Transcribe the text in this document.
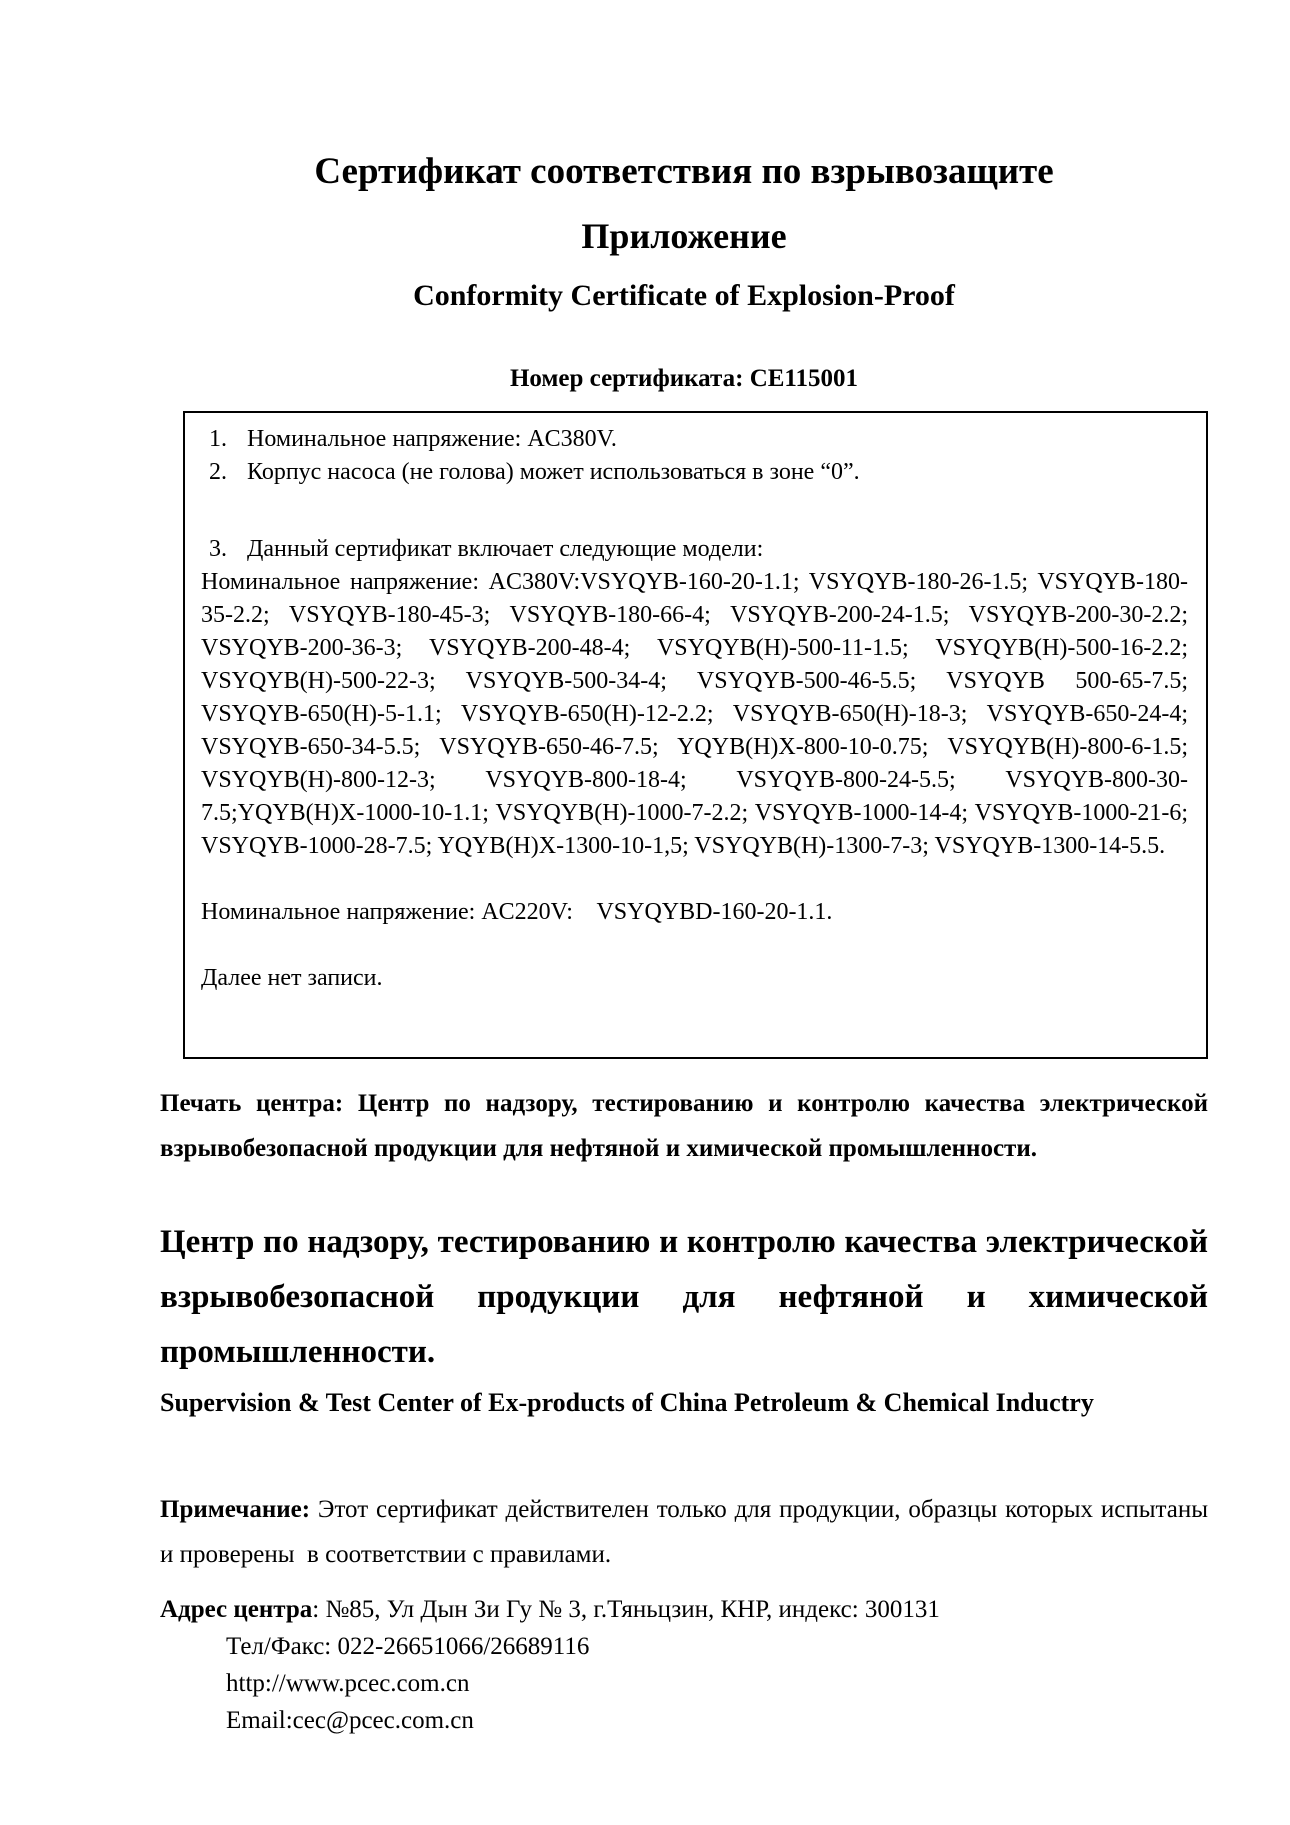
Сертификат соответствия по взрывозащите
Приложение
Conformity Certificate of Explosion-Proof

Номер сертификата: CE115001

1. Номинальное напряжение: AC380V.
2. Корпус насоса (не голова) может использоваться в зоне “0”.
3. Данный сертификат включает следующие модели:

Номинальное напряжение: AC380V:VSYQYB-160-20-1.1; VSYQYB-180-26-1.5; VSYQYB-180-35-2.2; VSYQYB-180-45-3; VSYQYB-180-66-4; VSYQYB-200-24-1.5; VSYQYB-200-30-2.2; VSYQYB-200-36-3; VSYQYB-200-48-4; VSYQYB(H)-500-11-1.5; VSYQYB(H)-500-16-2.2; VSYQYB(H)-500-22-3; VSYQYB-500-34-4; VSYQYB-500-46-5.5; VSYQYB 500-65-7.5; VSYQYB-650(H)-5-1.1; VSYQYB-650(H)-12-2.2; VSYQYB-650(H)-18-3; VSYQYB-650-24-4; VSYQYB-650-34-5.5; VSYQYB-650-46-7.5; YQYB(H)X-800-10-0.75; VSYQYB(H)-800-6-1.5; VSYQYB(H)-800-12-3; VSYQYB-800-18-4; VSYQYB-800-24-5.5; VSYQYB-800-30-7.5;YQYB(H)X-1000-10-1.1; VSYQYB(H)-1000-7-2.2; VSYQYB-1000-14-4; VSYQYB-1000-21-6; VSYQYB-1000-28-7.5; YQYB(H)X-1300-10-1,5; VSYQYB(H)-1300-7-3; VSYQYB-1300-14-5.5.

Номинальное напряжение: AC220V:    VSYQYBD-160-20-1.1.

Далее нет записи.

Печать центра: Центр по надзору, тестированию и контролю качества электрической взрывобезопасной продукции для нефтяной и химической промышленности.

Центр по надзору, тестированию и контролю качества электрической взрывобезопасной продукции для нефтяной и химической промышленности.

Supervision & Test Center of Ex-products of China Petroleum & Chemical Inductry

Примечание: Этот сертификат действителен только для продукции, образцы которых испытаны и проверены  в соответствии с правилами.

Адрес центра: №85, Ул Дын Зи Гу № 3, г.Тяньцзин, КНР, индекс: 300131

Тел/Факс: 022-26651066/26689116

http://www.pcec.com.cn

Email:cec@pcec.com.cn
